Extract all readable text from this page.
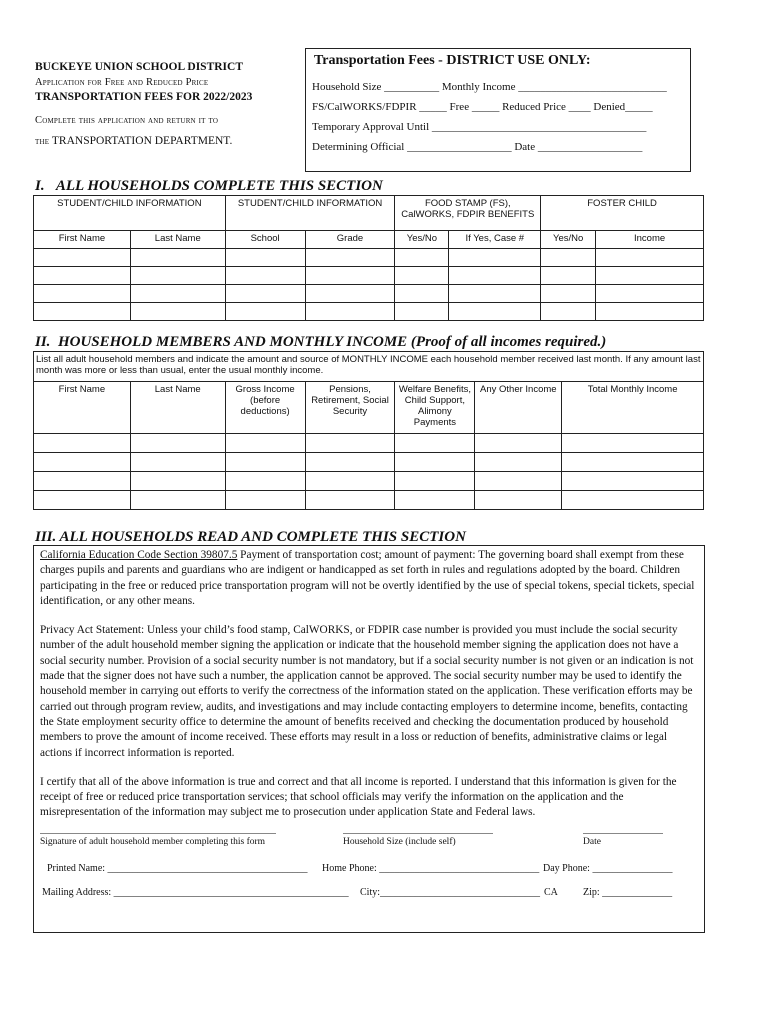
BUCKEYE UNION SCHOOL DISTRICT
Application for Free and Reduced Price
TRANSPORTATION FEES FOR 2022/2023
Complete this application and return it to
the TRANSPORTATION DEPARTMENT.
Transportation Fees - DISTRICT USE ONLY:
Household Size __________ Monthly Income ___________________________
FS/CalWORKS/FDPIR _____ Free _____ Reduced Price ____ Denied_____
Temporary Approval Until _______________________________________
Determining Official ___________________ Date ___________________
I. ALL HOUSEHOLDS COMPLETE THIS SECTION
STUDENT/CHILD INFORMATION		STUDENT/CHILD INFORMATION		FOOD STAMP (FS), CalWORKS, FDPIR BENEFITS		FOSTER CHILD	
First Name	Last Name	School	Grade	Yes/No	If Yes, Case #	Yes/No	Income

II. HOUSEHOLD MEMBERS AND MONTHLY INCOME (Proof of all incomes required.)
List all adult household members and indicate the amount and source of MONTHLY INCOME each household member received last month. If any amount last month was more or less than usual, enter the usual monthly income.						
First Name	Last Name	Gross Income (before deductions)	Pensions, Retirement, Social Security	Welfare Benefits, Child Support, Alimony Payments	Any Other Income	Total Monthly Income

III. ALL HOUSEHOLDS READ AND COMPLETE THIS SECTION

California Education Code Section 39807.5 Payment of transportation cost; amount of payment: The governing board shall exempt from these charges pupils and parents and guardians who are indigent or handicapped as set forth in rules and regulations adopted by the board. Children participating in the free or reduced price transportation program will not be overtly identified by the use of special tokens, special tickets, special identification, or any other means.

Privacy Act Statement: Unless your child’s food stamp, CalWORKS, or FDPIR case number is provided you must include the social security number of the adult household member signing the application or indicate that the household member signing the application does not have a social security number. Provision of a social security number is not mandatory, but if a social security number is not given or an indication is not made that the signer does not have such a number, the application cannot be approved. The social security number may be used to identify the household member in carrying out efforts to verify the correctness of the information stated on the application. These verification efforts may be carried out through program review, audits, and investigations and may include contacting employers to determine income, benefits, contacting the State employment security office to determine the amount of benefits received and checking the documentation produced by household members to prove the amount of income received. These efforts may result in a loss or reduction of benefits, administrative claims or legal actions if incorrect information is reported.

I certify that all of the above information is true and correct and that all income is reported. I understand that this information is given for the receipt of free or reduced price transportation services; that school officials may verify the information on the application and the misrepresentation of the information may subject me to prosecution under application State and Federal laws.

Signature of adult household member completing this form	Household Size (include self)	Date
Printed Name: ________________________________________ Home Phone: ________________________________ Day Phone: ________________
Mailing Address: _______________________________________________ City:________________________________ CA	Zip: ______________
